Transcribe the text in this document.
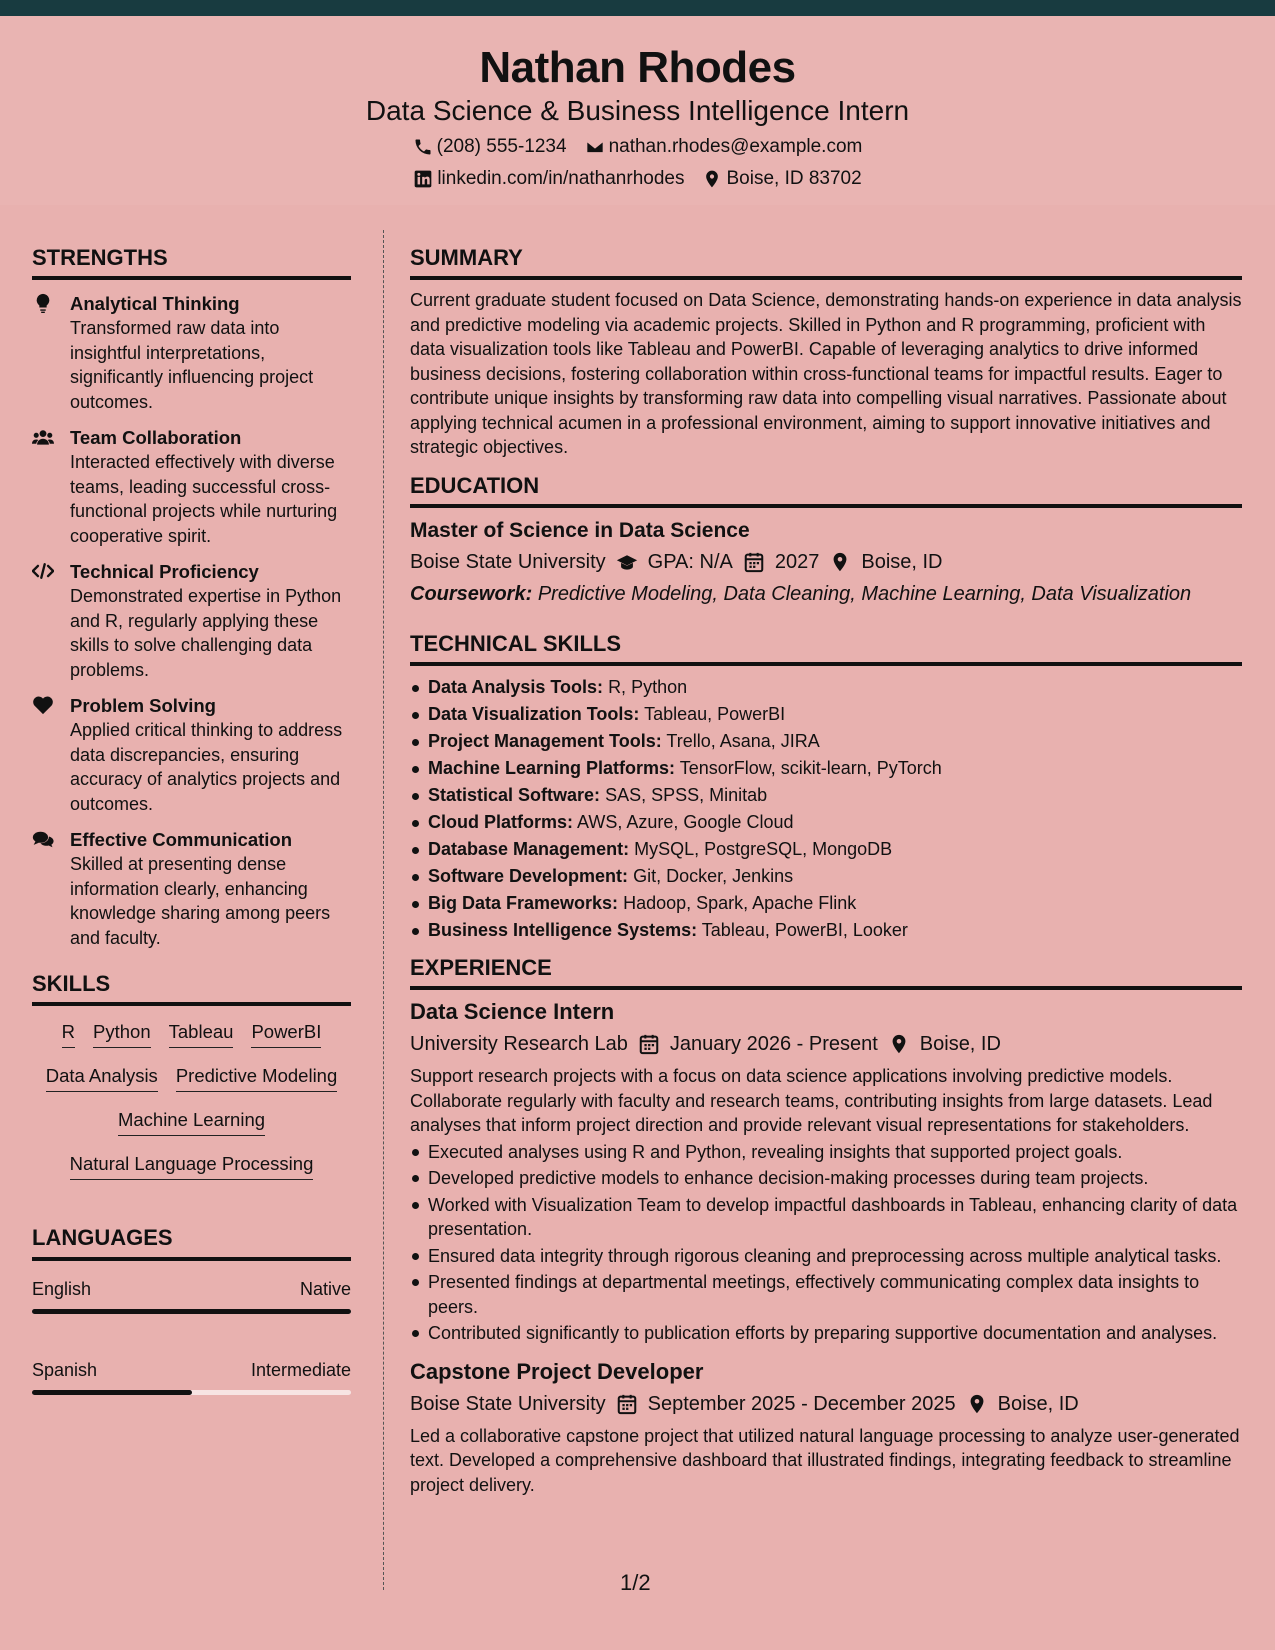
Nathan Rhodes
Data Science & Business Intelligence Intern
(208) 555-1234 nathan.rhodes@example.com
linkedin.com/in/nathanrhodes Boise, ID 83702
STRENGTHS
Analytical Thinking
Transformed raw data into insightful interpretations, significantly influencing project outcomes.
Team Collaboration
Interacted effectively with diverse teams, leading successful cross-functional projects while nurturing cooperative spirit.
Technical Proficiency
Demonstrated expertise in Python and R, regularly applying these skills to solve challenging data problems.
Problem Solving
Applied critical thinking to address data discrepancies, ensuring accuracy of analytics projects and outcomes.
Effective Communication
Skilled at presenting dense information clearly, enhancing knowledge sharing among peers and faculty.
SKILLS
R Python Tableau PowerBI
Data Analysis Predictive Modeling
Machine Learning
Natural Language Processing
LANGUAGES
English	Native
Spanish	Intermediate
SUMMARY
Current graduate student focused on Data Science, demonstrating hands-on experience in data analysis and predictive modeling via academic projects. Skilled in Python and R programming, proficient with data visualization tools like Tableau and PowerBI. Capable of leveraging analytics to drive informed business decisions, fostering collaboration within cross-functional teams for impactful results. Eager to contribute unique insights by transforming raw data into compelling visual narratives. Passionate about applying technical acumen in a professional environment, aiming to support innovative initiatives and strategic objectives.
EDUCATION
Master of Science in Data Science
Boise State University GPA: N/A 2027 Boise, ID
Coursework: Predictive Modeling, Data Cleaning, Machine Learning, Data Visualization
TECHNICAL SKILLS
Data Analysis Tools: R, Python
Data Visualization Tools: Tableau, PowerBI
Project Management Tools: Trello, Asana, JIRA
Machine Learning Platforms: TensorFlow, scikit-learn, PyTorch
Statistical Software: SAS, SPSS, Minitab
Cloud Platforms: AWS, Azure, Google Cloud
Database Management: MySQL, PostgreSQL, MongoDB
Software Development: Git, Docker, Jenkins
Big Data Frameworks: Hadoop, Spark, Apache Flink
Business Intelligence Systems: Tableau, PowerBI, Looker
EXPERIENCE
Data Science Intern
University Research Lab January 2026 - Present Boise, ID
Support research projects with a focus on data science applications involving predictive models. Collaborate regularly with faculty and research teams, contributing insights from large datasets. Lead analyses that inform project direction and provide relevant visual representations for stakeholders.
Executed analyses using R and Python, revealing insights that supported project goals.
Developed predictive models to enhance decision-making processes during team projects.
Worked with Visualization Team to develop impactful dashboards in Tableau, enhancing clarity of data presentation.
Ensured data integrity through rigorous cleaning and preprocessing across multiple analytical tasks.
Presented findings at departmental meetings, effectively communicating complex data insights to peers.
Contributed significantly to publication efforts by preparing supportive documentation and analyses.
Capstone Project Developer
Boise State University September 2025 - December 2025 Boise, ID
Led a collaborative capstone project that utilized natural language processing to analyze user-generated text. Developed a comprehensive dashboard that illustrated findings, integrating feedback to streamline project delivery.
1/2
